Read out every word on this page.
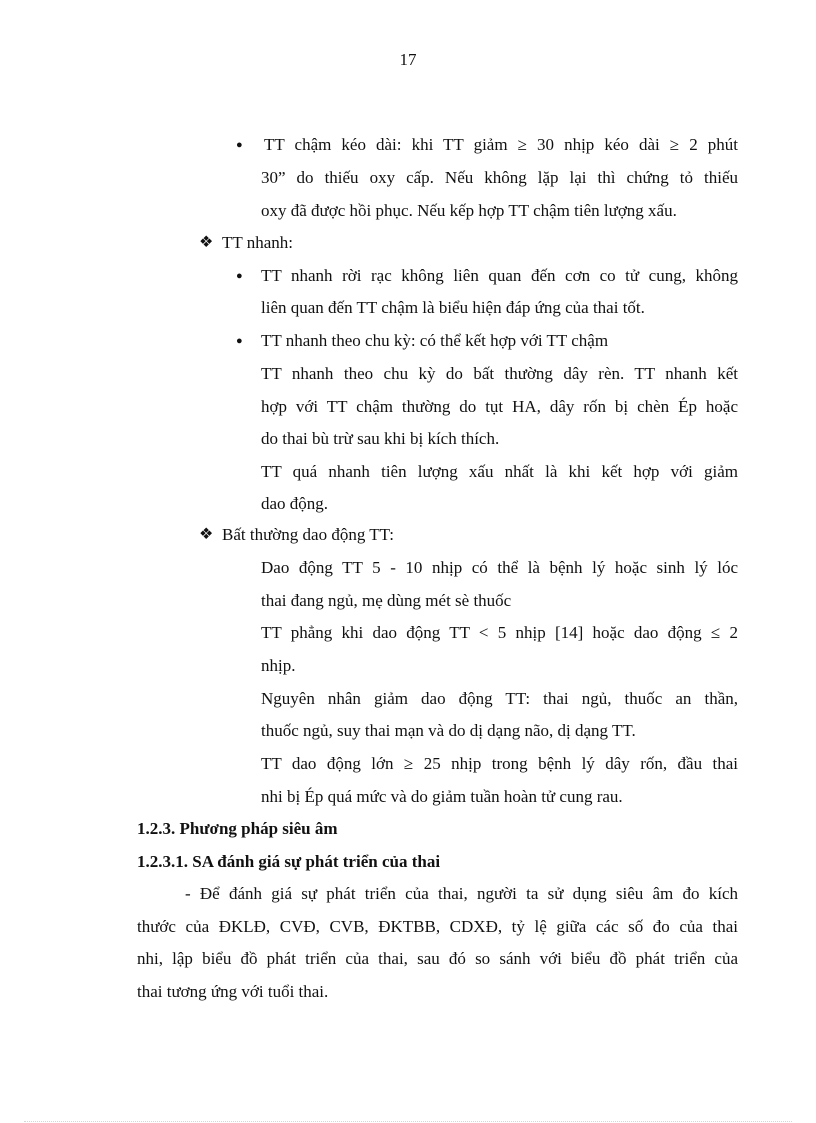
17
● TT chậm kéo dài: khi TT giảm ≥ 30 nhịp kéo dài ≥ 2 phút
30” do thiếu oxy cấp. Nếu không lặp lại thì chứng tỏ thiếu
oxy đã được hồi phục. Nếu kếp hợp TT chậm tiên lượng xấu.
❖ TT nhanh:
● TT nhanh rời rạc không liên quan đến cơn co tử cung, không
liên quan đến TT chậm là biểu hiện đáp ứng của thai tốt.
● TT nhanh theo chu kỳ: có thể kết hợp với TT chậm
TT nhanh theo chu kỳ do bất thường dây rèn. TT nhanh kết
hợp với TT chậm thường do tụt HA, dây rốn bị chèn Ép hoặc
do thai bù trừ sau khi bị kích thích.
TT quá nhanh tiên lượng xấu nhất là khi kết hợp với giảm
dao động.
❖ Bất thường dao động TT:
Dao động TT 5 - 10 nhịp có thể là bệnh lý hoặc sinh lý lóc
thai đang ngủ, mẹ dùng mét sè thuốc
TT phẳng khi dao động TT < 5 nhịp [14] hoặc dao động ≤ 2
nhịp.
Nguyên nhân giảm dao động TT: thai ngủ, thuốc an thần,
thuốc ngủ, suy thai mạn và do dị dạng não, dị dạng TT.
TT dao động lớn ≥ 25 nhịp trong bệnh lý dây rốn, đầu thai
nhi bị Ép quá mức và do giảm tuần hoàn tử cung rau.
1.2.3. Phương pháp siêu âm
1.2.3.1. SA đánh giá sự phát triển của thai
- Để đánh giá sự phát triển của thai, người ta sử dụng siêu âm đo kích
thước của ĐKLĐ, CVĐ, CVB, ĐKTBB, CDXĐ, tỷ lệ giữa các số đo của thai
nhi, lập biểu đồ phát triển của thai, sau đó so sánh với biểu đồ phát triển của
thai tương ứng với tuổi thai.
